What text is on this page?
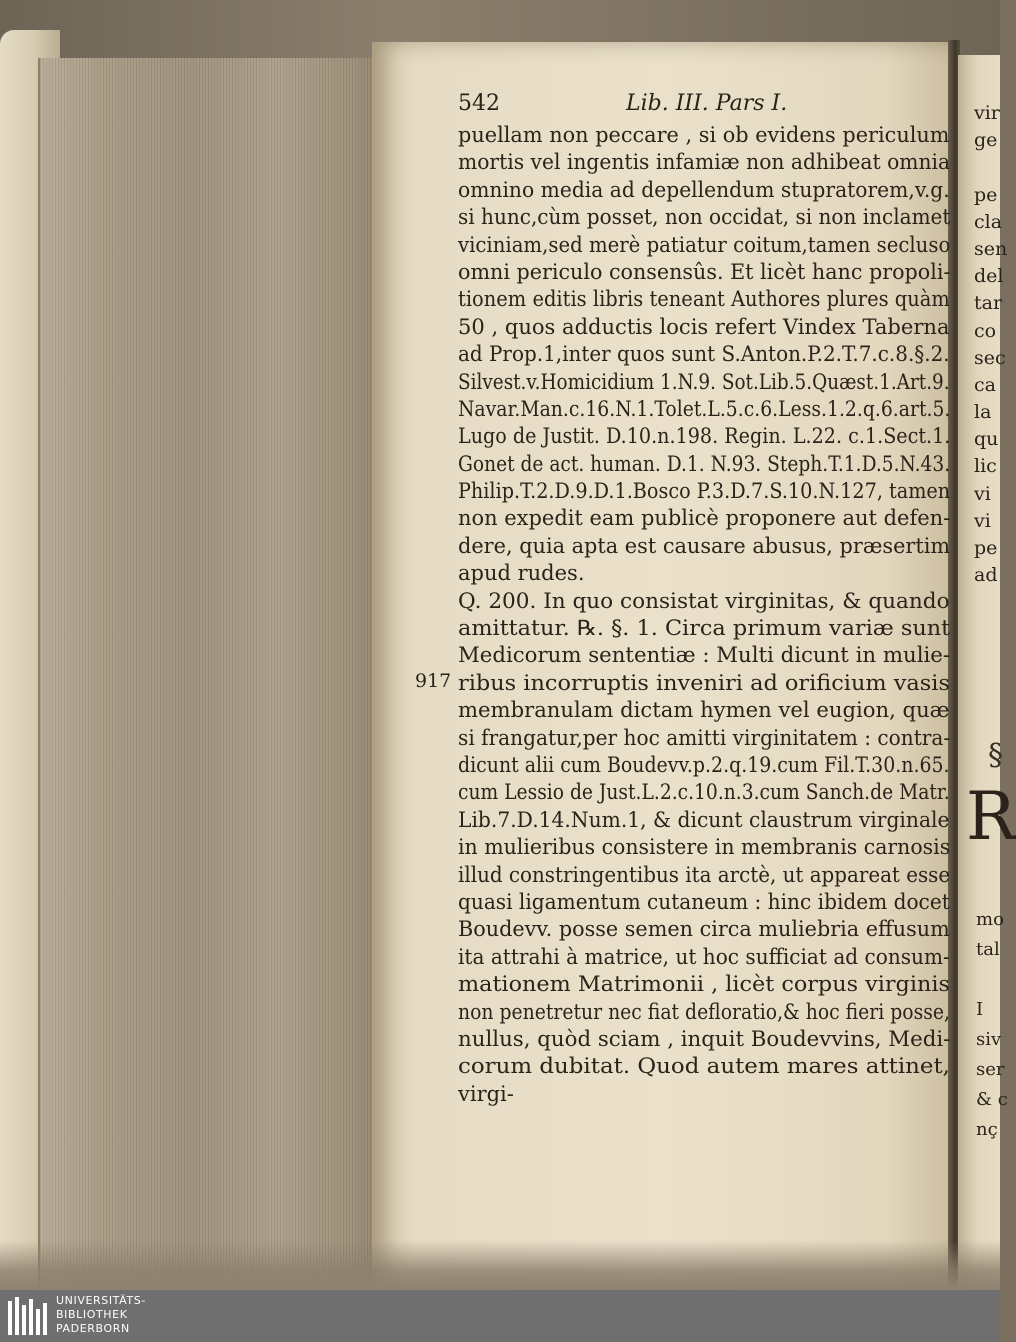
542	Lib. III. Pars I.
puellam non peccare , si ob evidens periculum
mortis vel ingentis infamiæ non adhibeat omnia
omnino media ad depellendum stupratorem,v.g.
si hunc,cùm posset, non occidat, si non inclamet
viciniam,sed merè patiatur coitum,tamen secluso
omni periculo consensûs. Et licèt hanc propoli-
tionem editis libris teneant Authores plures quàm
50 , quos adductis locis refert Vindex Taberna
ad Prop.1,inter quos sunt S.Anton.P.2.T.7.c.8.§.2.
Silvest.v.Homicidium 1.N.9. Sot.Lib.5.Quæst.1.Art.9.
Navar.Man.c.16.N.1.Tolet.L.5.c.6.Less.1.2.q.6.art.5.
Lugo de Justit. D.10.n.198. Regin. L.22. c.1.Sect.1.
Gonet de act. human. D.1. N.93. Steph.T.1.D.5.N.43.
Philip.T.2.D.9.D.1.Bosco P.3.D.7.S.10.N.127, tamen
non expedit eam publicè proponere aut defen-
dere, quia apta est causare abusus, præsertim
apud rudes.
Q. 200. In quo consistat virginitas, & quando
amittatur. ℞. §. 1. Circa primum variæ sunt
Medicorum sententiæ : Multi dicunt in mulie-
ribus incorruptis inveniri ad orificium vasis
membranulam dictam hymen vel eugion, quæ
si frangatur,per hoc amitti virginitatem : contra-
dicunt alii cum Boudevv.p.2.q.19.cum Fil.T.30.n.65.
cum Lessio de Just.L.2.c.10.n.3.cum Sanch.de Matr.
Lib.7.D.14.Num.1, & dicunt claustrum virginale
in mulieribus consistere in membranis carnosis
illud constringentibus ita arctè, ut appareat esse
quasi ligamentum cutaneum : hinc ibidem docet
Boudevv. posse semen circa muliebria effusum
ita attrahi à matrice, ut hoc sufficiat ad consum-
mationem Matrimonii , licèt corpus virginis
non penetretur nec fiat defloratio,& hoc fieri posse,
nullus, quòd sciam , inquit Boudevvins, Medi-
corum dubitat. Quod autem mares attinet,
virgi-
917
vir
ge
pe
cla
sen
del
tar
co
sec
ca
la
qu
lic
vi
vi
pe
ad
§
R
mo
tal
I
siv
ser
& c
nç
UNIVERSITÄTS-
BIBLIOTHEK
PADERBORN
